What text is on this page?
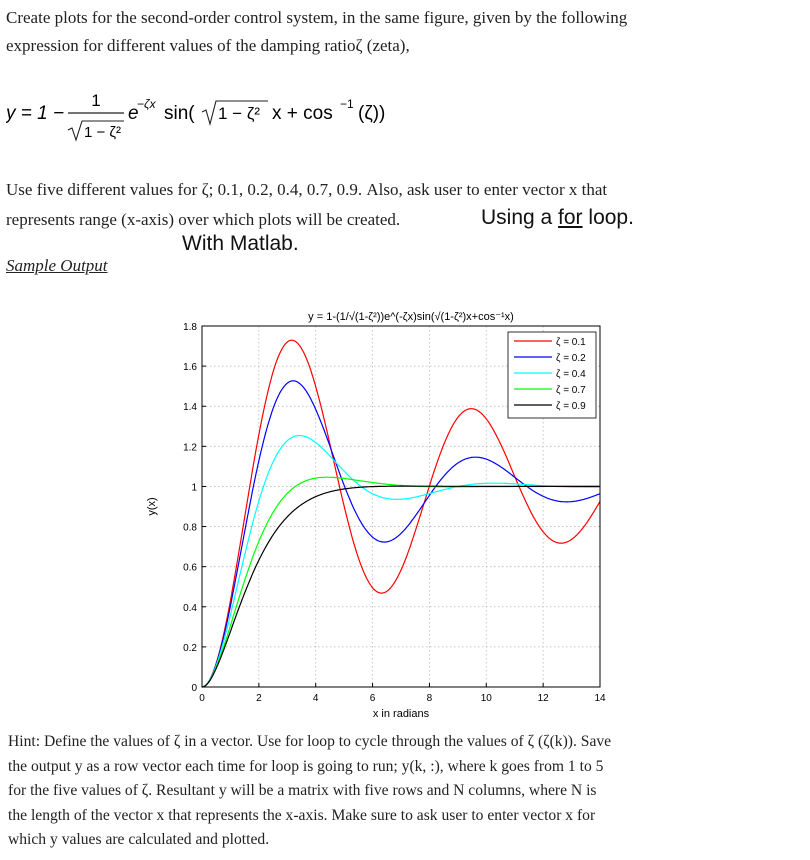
Create plots for the second-order control system, in the same figure, given by the following

expression for different values of the damping ratioζ (zeta),

y = 1 −
1
1 − ζ²
e
−ζx sin( 1 − ζ² x + cos −1 (ζ))

Use five different values for ζ; 0.1, 0.2, 0.4, 0.7, 0.9. Also, ask user to enter vector x that

represents range (x-axis) over which plots will be created.	Using a for loop.
With Matlab.
Sample Output
0	2	4	6	8	10	12	14
0
0.2
0.4
0.6
0.8
1
1.2
1.4
1.6
1.8
y = 1-(1/√(1-ζ²))e^(-ζx)sin(√(1-ζ²)x+cos⁻¹x)
x in radians
y(x)
ζ = 0.1
ζ = 0.2
ζ = 0.4
ζ = 0.7
ζ = 0.9
Hint: Define the values of ζ in a vector. Use for loop to cycle through the values of ζ (ζ(k)). Save
the output y as a row vector each time for loop is going to run; y(k, :), where k goes from 1 to 5
for the five values of ζ. Resultant y will be a matrix with five rows and N columns, where N is
the length of the vector x that represents the x-axis. Make sure to ask user to enter vector x for
which y values are calculated and plotted.
